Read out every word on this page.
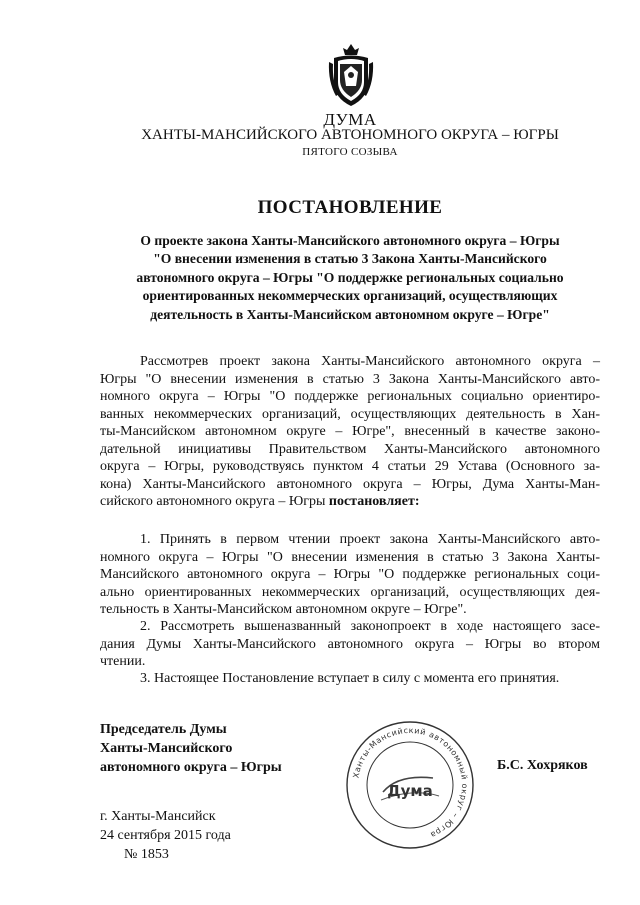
ДУМА
ХАНТЫ-МАНСИЙСКОГО АВТОНОМНОГО ОКРУГА – ЮГРЫ
ПЯТОГО СОЗЫВА
ПОСТАНОВЛЕНИЕ
О проекте закона Ханты-Мансийского автономного округа – Югры
"О внесении изменения в статью 3 Закона Ханты-Мансийского
автономного округа – Югры "О поддержке региональных социально
ориентированных некоммерческих организаций, осуществляющих
деятельность в Ханты-Мансийском автономном округе – Югре"
Рассмотрев проект закона Ханты-Мансийского автономного округа –
Югры "О внесении изменения в статью 3 Закона Ханты-Мансийского авто-
номного округа – Югры "О поддержке региональных социально ориентиро-
ванных некоммерческих организаций, осуществляющих деятельность в Хан-
ты-Мансийском автономном округе – Югре", внесенный в качестве законо-
дательной инициативы Правительством Ханты-Мансийского автономного
округа – Югры, руководствуясь пунктом 4 статьи 29 Устава (Основного за-
кона) Ханты-Мансийского автономного округа – Югры, Дума Ханты-Ман-
сийского автономного округа – Югры постановляет:
1. Принять в первом чтении проект закона Ханты-Мансийского авто-
номного округа – Югры "О внесении изменения в статью 3 Закона Ханты-
Мансийского автономного округа – Югры "О поддержке региональных соци-
ально ориентированных некоммерческих организаций, осуществляющих дея-
тельность в Ханты-Мансийском автономном округе – Югре".
2. Рассмотреть вышеназванный законопроект в ходе настоящего засе-
дания Думы Ханты-Мансийского автономного округа – Югры во втором
чтении.
3. Настоящее Постановление вступает в силу с момента его принятия.
Председатель Думы
Ханты-Мансийского
автономного округа – Югры
Ханты-Мансийский автономный округ – Югра
Дума
Б.С. Хохряков
г. Ханты-Мансийск
24 сентября 2015 года
№ 1853
